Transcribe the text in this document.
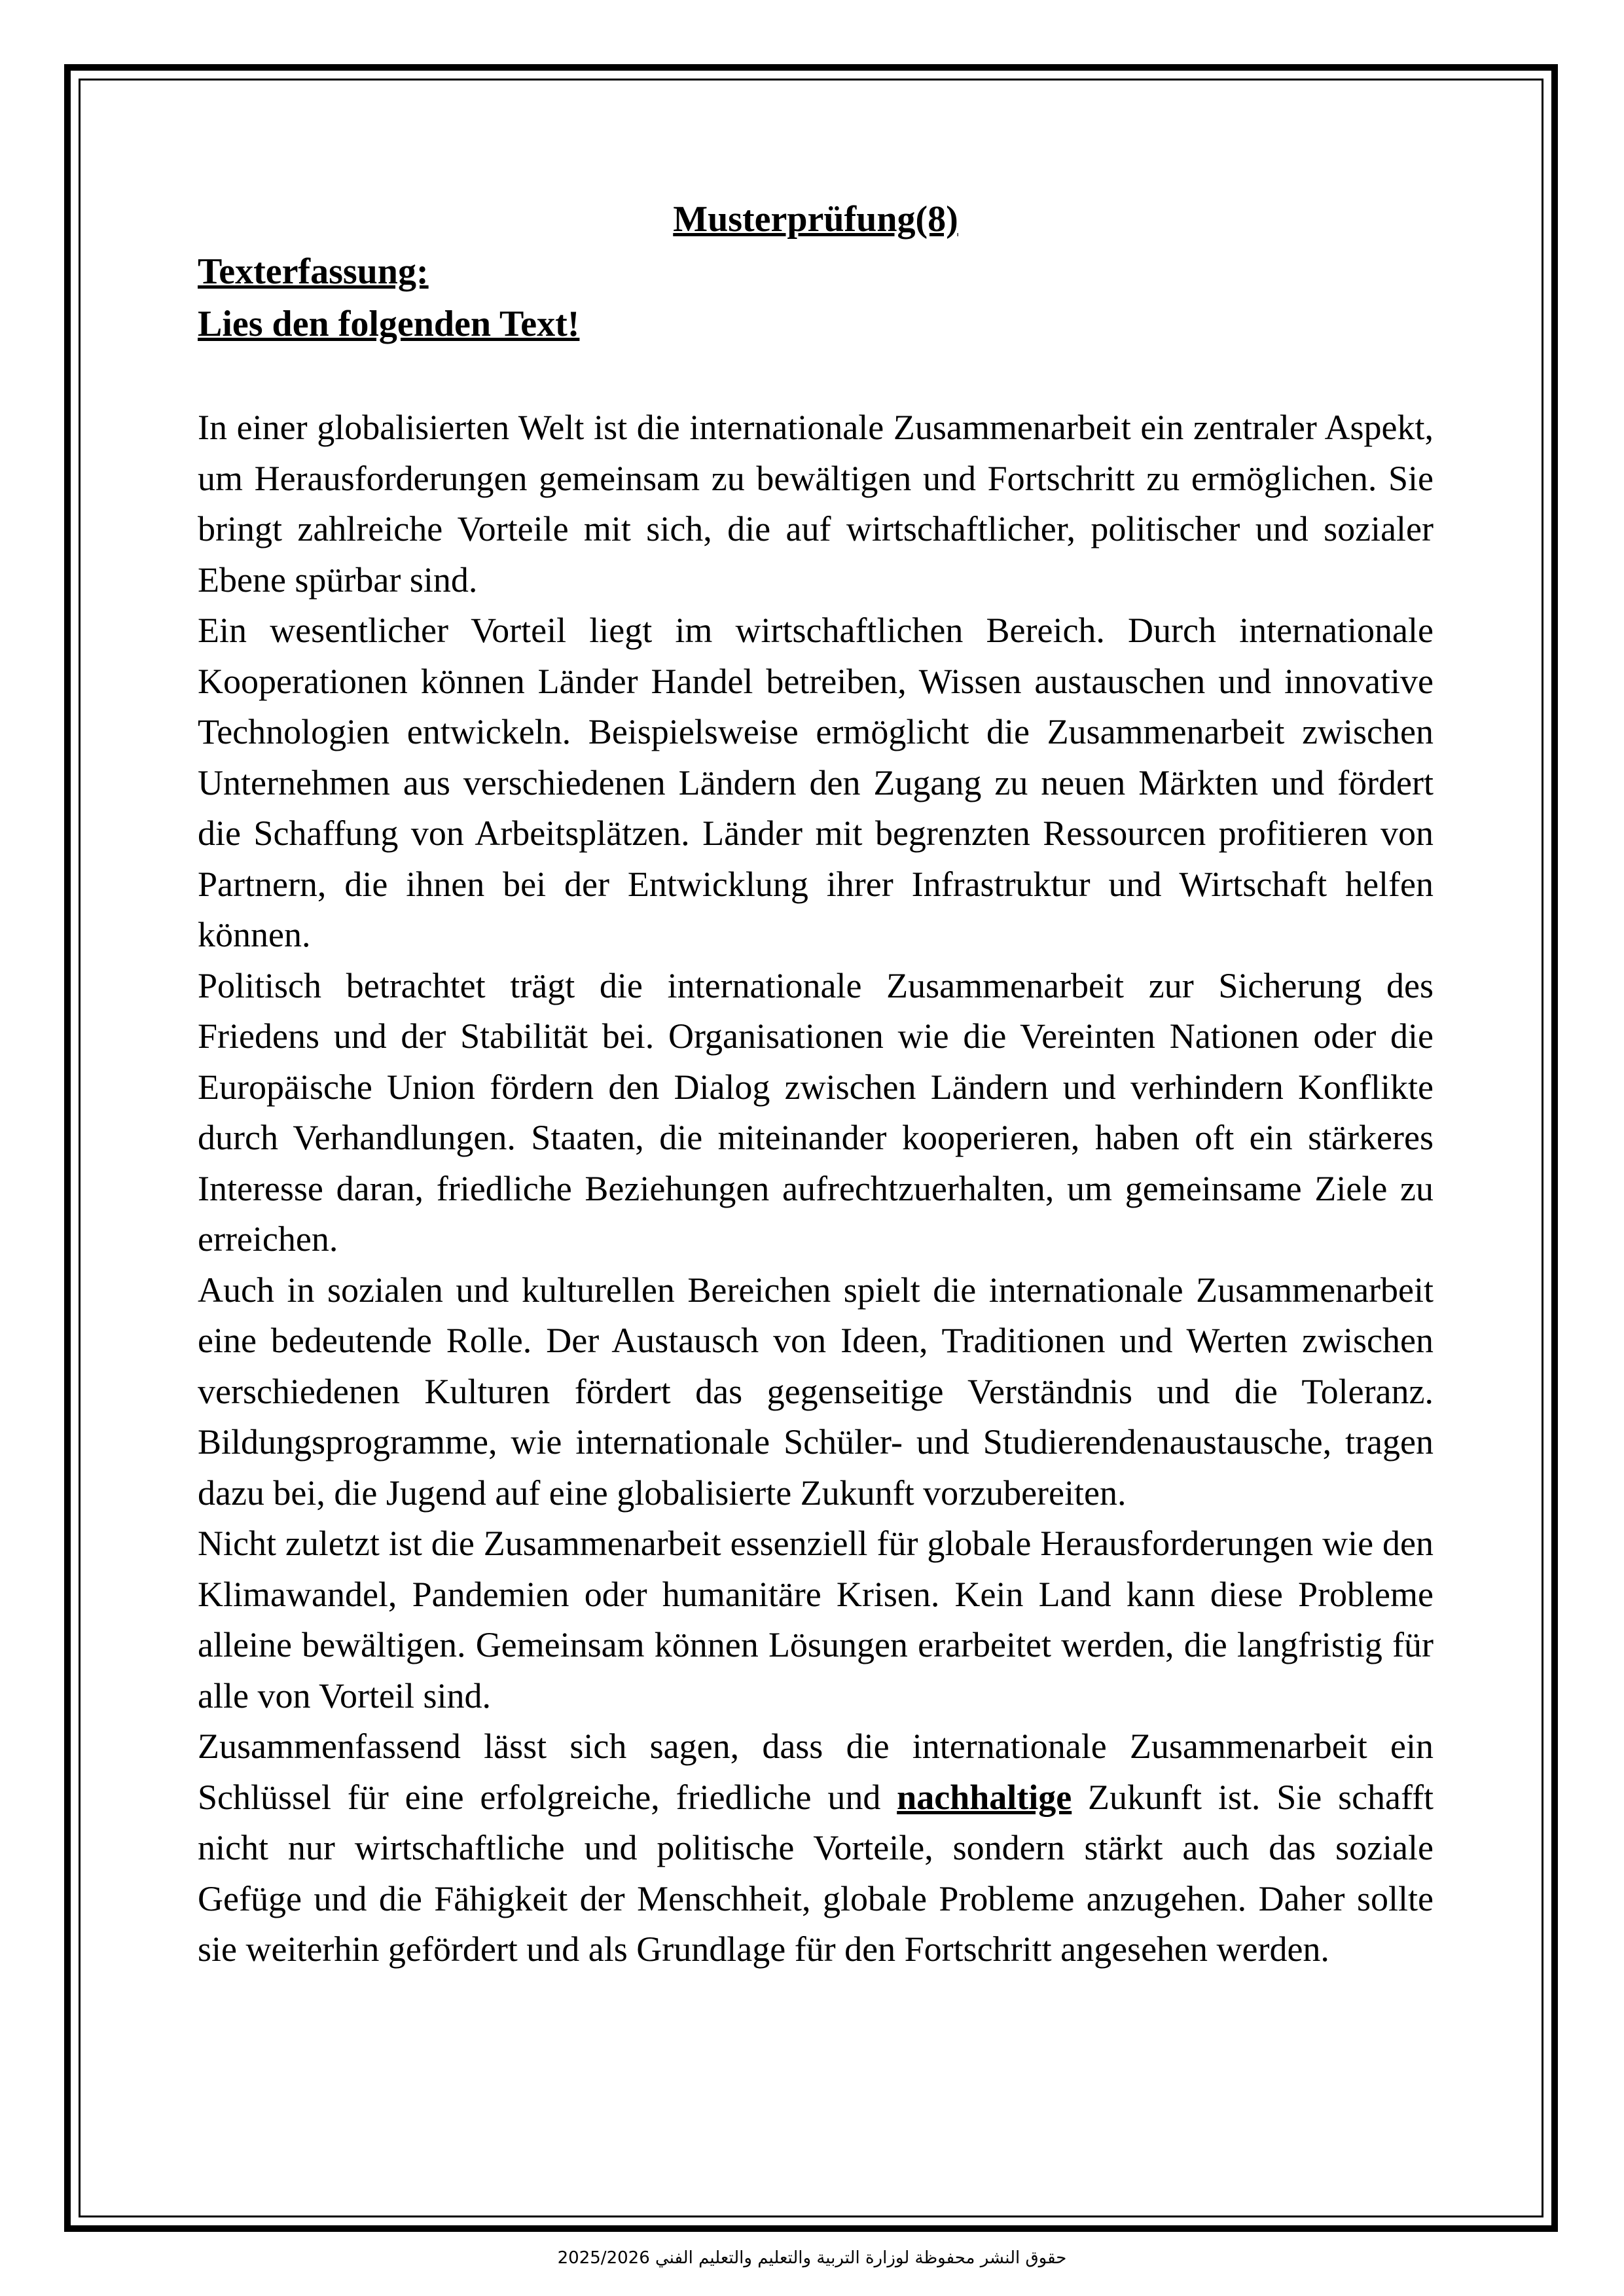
Musterprüfung(8)

Texterfassung:

Lies den folgenden Text!

In einer globalisierten Welt ist die internationale Zusammenarbeit ein zentraler Aspekt, um Herausforderungen gemeinsam zu bewältigen und Fortschritt zu ermöglichen. Sie bringt zahlreiche Vorteile mit sich, die auf wirtschaftlicher, politischer und sozialer Ebene spürbar sind.

Ein wesentlicher Vorteil liegt im wirtschaftlichen Bereich. Durch internationale Kooperationen können Länder Handel betreiben, Wissen austauschen und innovative Technologien entwickeln. Beispielsweise ermöglicht die Zusammenarbeit zwischen Unternehmen aus verschiedenen Ländern den Zugang zu neuen Märkten und fördert die Schaffung von Arbeitsplätzen. Länder mit begrenzten Ressourcen profitieren von Partnern, die ihnen bei der Entwicklung ihrer Infrastruktur und Wirtschaft helfen können.

Politisch betrachtet trägt die internationale Zusammenarbeit zur Sicherung des Friedens und der Stabilität bei. Organisationen wie die Vereinten Nationen oder die Europäische Union fördern den Dialog zwischen Ländern und verhindern Konflikte durch Verhandlungen. Staaten, die miteinander kooperieren, haben oft ein stärkeres Interesse daran, friedliche Beziehungen aufrechtzuerhalten, um gemeinsame Ziele zu erreichen.

Auch in sozialen und kulturellen Bereichen spielt die internationale Zusammenarbeit eine bedeutende Rolle. Der Austausch von Ideen, Traditionen und Werten zwischen verschiedenen Kulturen fördert das gegenseitige Verständnis und die Toleranz. Bildungsprogramme, wie internationale Schüler- und Studierendenaustausche, tragen dazu bei, die Jugend auf eine globalisierte Zukunft vorzubereiten.

Nicht zuletzt ist die Zusammenarbeit essenziell für globale Herausforderungen wie den Klimawandel, Pandemien oder humanitäre Krisen. Kein Land kann diese Probleme alleine bewältigen. Gemeinsam können Lösungen erarbeitet werden, die langfristig für alle von Vorteil sind.

Zusammenfassend lässt sich sagen, dass die internationale Zusammenarbeit ein Schlüssel für eine erfolgreiche, friedliche und nachhaltige Zukunft ist. Sie schafft nicht nur wirtschaftliche und politische Vorteile, sondern stärkt auch das soziale Gefüge und die Fähigkeit der Menschheit, globale Probleme anzugehen. Daher sollte sie weiterhin gefördert und als Grundlage für den Fortschritt angesehen werden.

حقوق النشر محفوظة لوزارة التربية والتعليم والتعليم الفني 2025/2026
